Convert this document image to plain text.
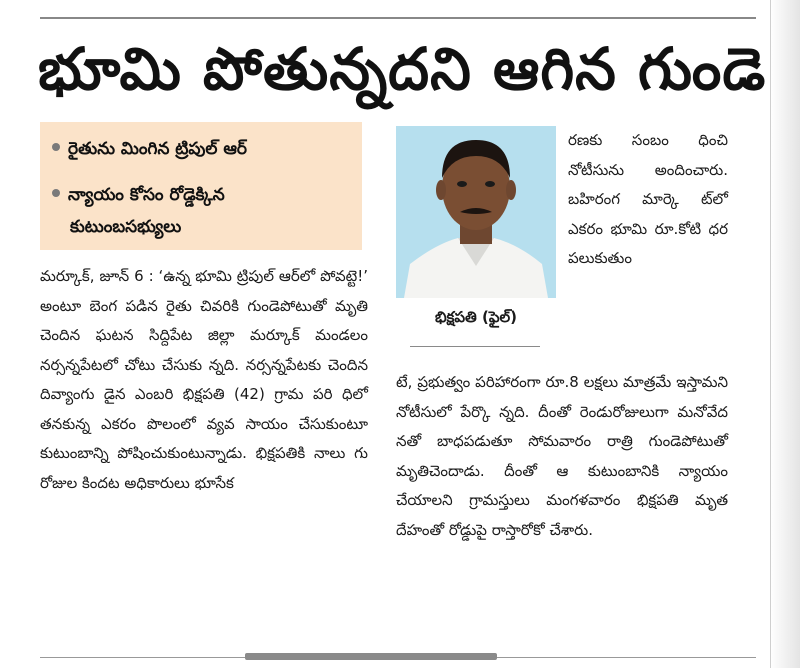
భూమి పోతున్నదని ఆగిన గుండె
రైతును మింగిన ట్రిపుల్ ఆర్
న్యాయం కోసం రోడ్డెక్కిన
కుటుంబసభ్యులు

మర్కూక్, జూన్ 6 : ‘ఉన్న భూమి ట్రిపుల్ ఆర్‌లో పోవట్టె!’ అంటూ బెంగ పడిన రైతు చివరికి గుండెపోటుతో మృతి చెందిన ఘటన సిద్దిపేట జిల్లా మర్కూక్ మండలం నర్సన్నపేటలో చోటు చేసుకు న్నది. నర్సన్నపేటకు చెందిన దివ్యాంగు డైన ఎంబరి భిక్షపతి (42) గ్రామ పరి ధిలో తనకున్న ఎకరం పొలంలో వ్యవ సాయం చేసుకుంటూ కుటుంబాన్ని పోషించుకుంటున్నాడు. భిక్షపతికి నాలు గు రోజుల కిందట అధికారులు భూసేక

భిక్షపతి (ఫైల్)

రణకు సంబం ధించి నోటీసును అందించారు. బహిరంగ మార్కె ట్‌లో ఎకరం భూమి రూ.కోటి ధర పలుకుతుం

టే, ప్రభుత్వం పరిహారంగా రూ.8 లక్షలు మాత్రమే ఇస్తామని నోటీసులో పేర్కొ న్నది. దీంతో రెండురోజులుగా మనోవేద నతో బాధపడుతూ సోమవారం రాత్రి గుండెపోటుతో మృతిచెందాడు. దీంతో ఆ కుటుంబానికి న్యాయం చేయాలని గ్రామస్తులు మంగళవారం భిక్షపతి మృత దేహంతో రోడ్డుపై రాస్తారోకో చేశారు.
